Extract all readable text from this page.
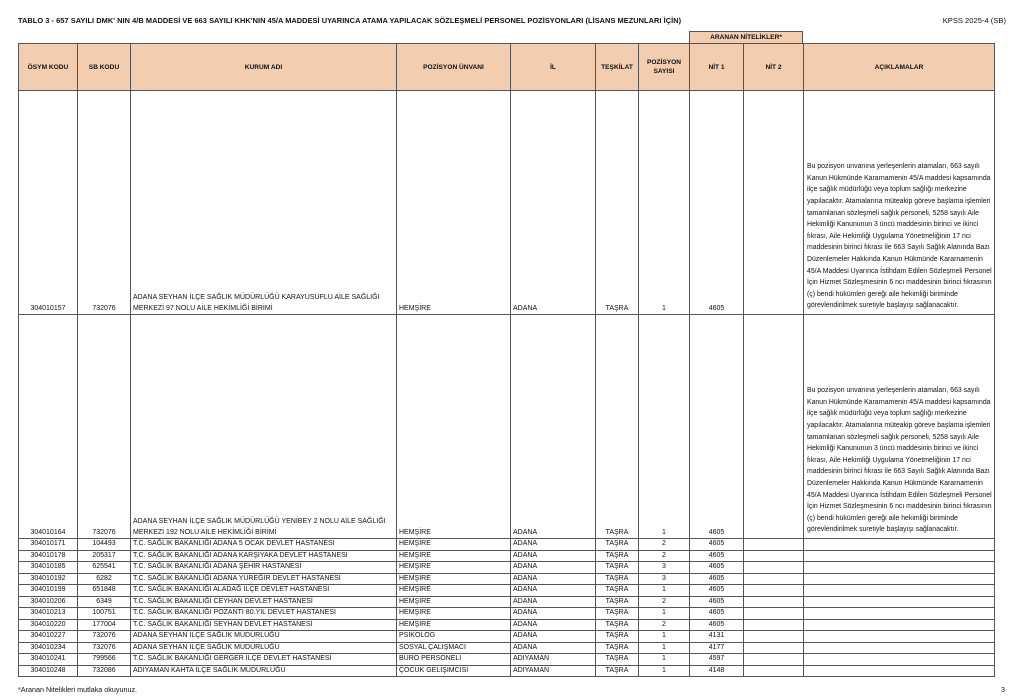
TABLO 3 - 657 SAYILI DMK' NIN 4/B MADDESİ VE 663 SAYILI KHK'NIN 45/A MADDESİ UYARINCA ATAMA YAPILACAK SÖZLEŞMELİ PERSONEL POZİSYONLARI (LİSANS MEZUNLARI İÇİN)	KPSS 2025-4 (SB)
ARANAN NİTELİKLER*
ÖSYM KODU	SB KODU	KURUM ADI	POZİSYON ÜNVANI	İL	TEŞKİLAT	POZİSYON SAYISI	NİT 1	NİT 2	AÇIKLAMALAR
304010157	732076	ADANA SEYHAN İLÇE SAĞLIK MÜDÜRLÜĞÜ KARAYUSUFLU AİLE SAĞLIĞI MERKEZİ 97 NOLU AİLE HEKİMLİĞİ BİRİMİ	HEMŞİRE	ADANA	TAŞRA	1	4605		Bu pozisyon unvanına yerleşenlerin atamaları, 663 sayılı Kanun Hükmünde Kararnamenin 45/A maddesi kapsamında ilçe sağlık müdürlüğü veya toplum sağlığı merkezine yapılacaktır. Atamalarına müteakip göreve başlama işlemleri tamamlanan sözleşmeli sağlık personeli, 5258 sayılı Aile Hekimliği Kanununun 3 üncü maddesinin birinci ve ikinci fıkrası, Aile Hekimliği Uygulama Yönetmeliğinin 17 nci maddesinin birinci fıkrası ile 663 Sayılı Sağlık Alanında Bazı Düzenlemeler Hakkında Kanun Hükmünde Kararnamenin 45/A Maddesi Uyarınca İstihdam Edilen Sözleşmeli Personel İçin Hizmet Sözleşmesinin 6 ncı maddesinin birinci fıkrasının (ç) bendi hükümleri gereği aile hekimliği biriminde görevlendirilmek suretiyle başlayışı sağlanacaktır.
304010164	732076	ADANA SEYHAN İLÇE SAĞLIK MÜDÜRLÜĞÜ YENİBEY 2 NOLU AİLE SAĞLIĞI MERKEZİ 192 NOLU AİLE HEKİMLİĞİ BİRİMİ	HEMŞİRE	ADANA	TAŞRA	1	4605		Bu pozisyon unvanına yerleşenlerin atamaları, 663 sayılı Kanun Hükmünde Kararnamenin 45/A maddesi kapsamında ilçe sağlık müdürlüğü veya toplum sağlığı merkezine yapılacaktır. Atamalarına müteakip göreve başlama işlemleri tamamlanan sözleşmeli sağlık personeli, 5258 sayılı Aile Hekimliği Kanununun 3 üncü maddesinin birinci ve ikinci fıkrası, Aile Hekimliği Uygulama Yönetmeliğinin 17 nci maddesinin birinci fıkrası ile 663 Sayılı Sağlık Alanında Bazı Düzenlemeler Hakkında Kanun Hükmünde Kararnamenin 45/A Maddesi Uyarınca İstihdam Edilen Sözleşmeli Personel İçin Hizmet Sözleşmesinin 6 ncı maddesinin birinci fıkrasının (ç) bendi hükümleri gereği aile hekimliği biriminde görevlendirilmek suretiyle başlayışı sağlanacaktır.
304010171	104493	T.C. SAĞLIK BAKANLIĞI ADANA 5 OCAK DEVLET HASTANESİ	HEMŞİRE	ADANA	TAŞRA	2	4605		
304010178	205317	T.C. SAĞLIK BAKANLIĞI ADANA KARŞIYAKA DEVLET HASTANESİ	HEMŞİRE	ADANA	TAŞRA	2	4605		
304010185	625541	T.C. SAĞLIK BAKANLIĞI ADANA ŞEHİR HASTANESİ	HEMŞİRE	ADANA	TAŞRA	3	4605		
304010192	6282	T.C. SAĞLIK BAKANLIĞI ADANA YÜREĞİR DEVLET HASTANESİ	HEMŞİRE	ADANA	TAŞRA	3	4605		
304010199	651848	T.C. SAĞLIK BAKANLIĞI ALADAĞ İLÇE DEVLET HASTANESİ	HEMŞİRE	ADANA	TAŞRA	1	4605		
304010206	6349	T.C. SAĞLIK BAKANLIĞI CEYHAN DEVLET HASTANESİ	HEMŞİRE	ADANA	TAŞRA	2	4605		
304010213	100751	T.C. SAĞLIK BAKANLIĞI POZANTI 80.YIL DEVLET HASTANESİ	HEMŞİRE	ADANA	TAŞRA	1	4605		
304010220	177004	T.C. SAĞLIK BAKANLIĞI SEYHAN DEVLET HASTANESİ	HEMŞİRE	ADANA	TAŞRA	2	4605		
304010227	732076	ADANA SEYHAN İLÇE SAĞLIK MÜDÜRLÜĞÜ	PSİKOLOG	ADANA	TAŞRA	1	4131		
304010234	732076	ADANA SEYHAN İLÇE SAĞLIK MÜDÜRLÜĞÜ	SOSYAL ÇALIŞMACI	ADANA	TAŞRA	1	4177		
304010241	799566	T.C. SAĞLIK BAKANLIĞI GERGER İLÇE DEVLET HASTANESİ	BÜRO PERSONELİ	ADIYAMAN	TAŞRA	1	4597		
304010248	732086	ADIYAMAN KAHTA İLÇE SAĞLIK MÜDÜRLÜĞÜ	ÇOCUK GELİŞİMCİSİ	ADIYAMAN	TAŞRA	1	4148		
*Aranan Nitelikleri mutlaka okuyunuz.	3
